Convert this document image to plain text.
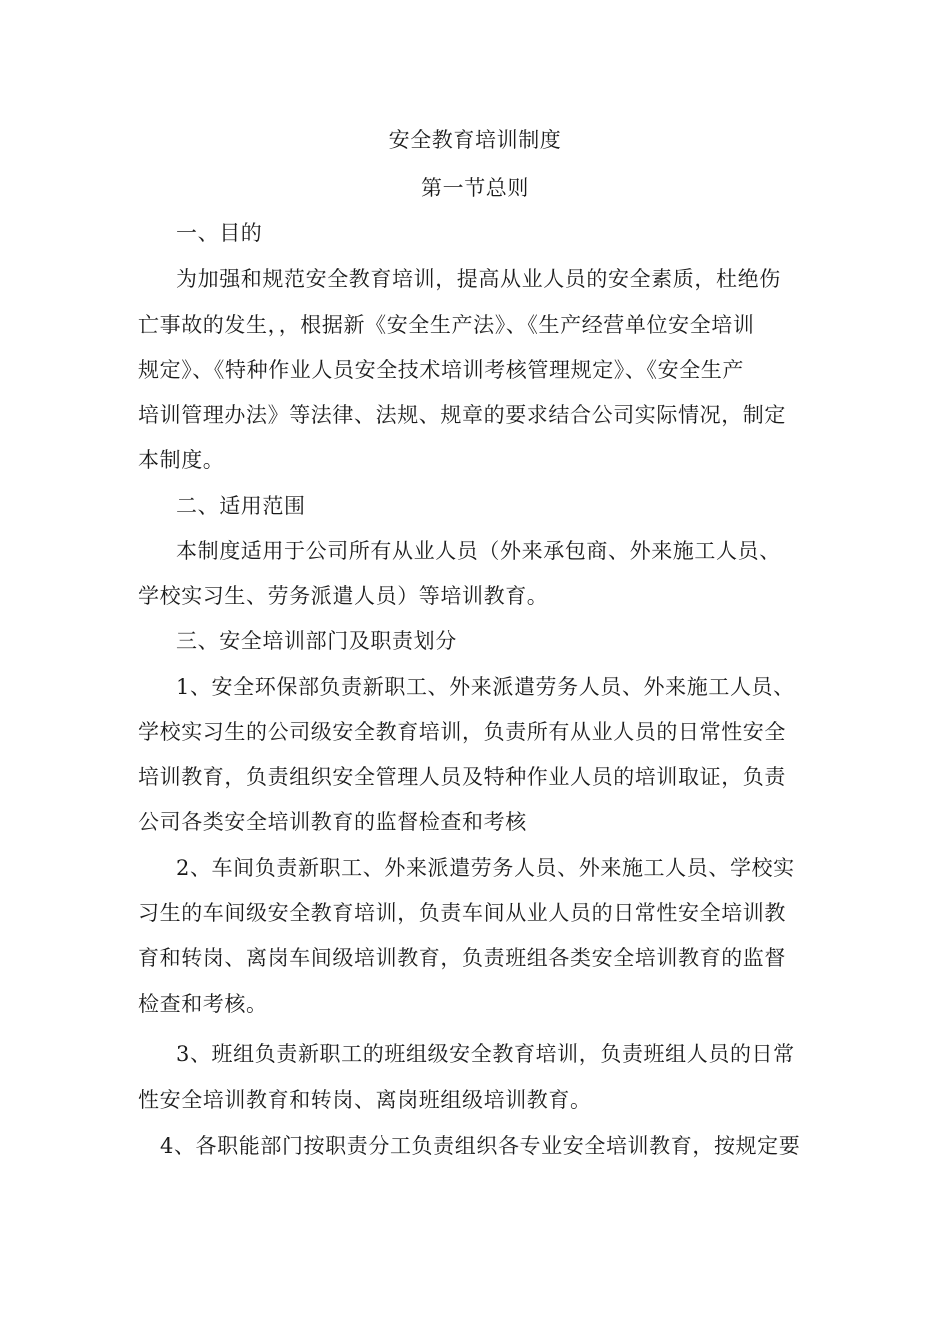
安全教育培训制度
第一节总则
一、目的
为加强和规范安全教育培训，提高从业人员的安全素质，杜绝伤
亡事故的发生，，根据新《安全生产法》、《生产经营单位安全培训
规定》、《特种作业人员安全技术培训考核管理规定》、《安全生产
培训管理办法》等法律、法规、规章的要求结合公司实际情况，制定
本制度。
二、适用范围
本制度适用于公司所有从业人员（外来承包商、外来施工人员、
学校实习生、劳务派遣人员）等培训教育。
三、安全培训部门及职责划分
1、安全环保部负责新职工、外来派遣劳务人员、外来施工人员、
学校实习生的公司级安全教育培训，负责所有从业人员的日常性安全
培训教育，负责组织安全管理人员及特种作业人员的培训取证，负责
公司各类安全培训教育的监督检查和考核
2、车间负责新职工、外来派遣劳务人员、外来施工人员、学校实
习生的车间级安全教育培训，负责车间从业人员的日常性安全培训教
育和转岗、离岗车间级培训教育，负责班组各类安全培训教育的监督
检查和考核。
3、班组负责新职工的班组级安全教育培训，负责班组人员的日常
性安全培训教育和转岗、离岗班组级培训教育。
4、各职能部门按职责分工负责组织各专业安全培训教育，按规定要
